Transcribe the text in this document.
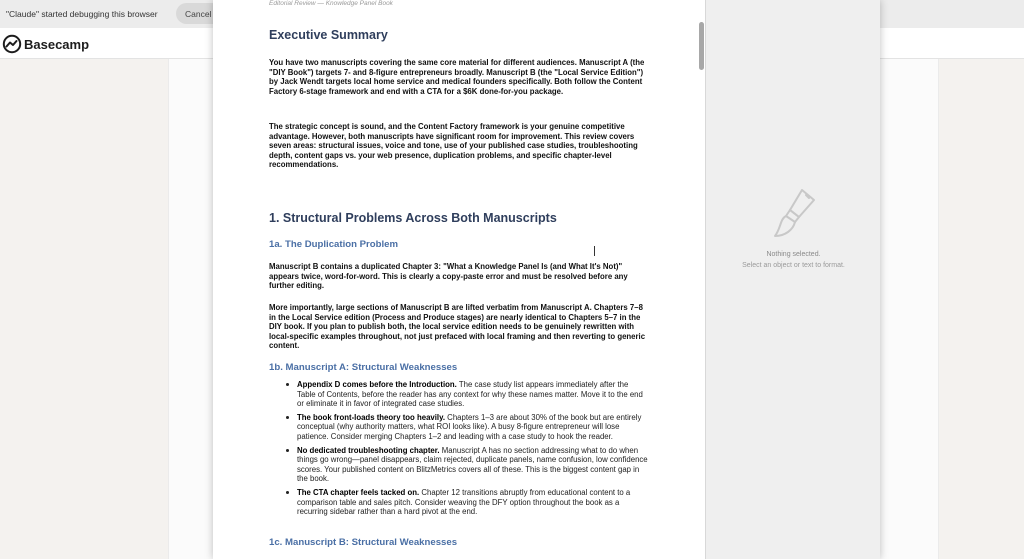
"Claude" started debugging this browser	Cancel
Basecamp
Editorial Review — Knowledge Panel Book
Executive Summary

You have two manuscripts covering the same core material for different audiences. Manuscript A (the "DIY Book") targets 7- and 8-figure entrepreneurs broadly. Manuscript B (the "Local Service Edition") by Jack Wendt targets local home service and medical founders specifically. Both follow the Content Factory 6-stage framework and end with a CTA for a $6K done-for-you package.

The strategic concept is sound, and the Content Factory framework is your genuine competitive advantage. However, both manuscripts have significant room for improvement. This review covers seven areas: structural issues, voice and tone, use of your published case studies, troubleshooting depth, content gaps vs. your web presence, duplication problems, and specific chapter-level recommendations.

1. Structural Problems Across Both Manuscripts
1a. The Duplication Problem

Manuscript B contains a duplicated Chapter 3: "What a Knowledge Panel Is (and What It's Not)" appears twice, word-for-word. This is clearly a copy-paste error and must be resolved before any further editing.

More importantly, large sections of Manuscript B are lifted verbatim from Manuscript A. Chapters 7–8 in the Local Service edition (Process and Produce stages) are nearly identical to Chapters 5–7 in the DIY book. If you plan to publish both, the local service edition needs to be genuinely rewritten with local-specific examples throughout, not just prefaced with local framing and then reverting to generic content.

1b. Manuscript A: Structural Weaknesses
Appendix D comes before the Introduction. The case study list appears immediately after the Table of Contents, before the reader has any context for why these names matter. Move it to the end or eliminate it in favor of integrated case studies.
The book front-loads theory too heavily. Chapters 1–3 are about 30% of the book but are entirely conceptual (why authority matters, what ROI looks like). A busy 8-figure entrepreneur will lose patience. Consider merging Chapters 1–2 and leading with a case study to hook the reader.
No dedicated troubleshooting chapter. Manuscript A has no section addressing what to do when things go wrong—panel disappears, claim rejected, duplicate panels, name confusion, low confidence scores. Your published content on BlitzMetrics covers all of these. This is the biggest content gap in the book.
The CTA chapter feels tacked on. Chapter 12 transitions abruptly from educational content to a comparison table and sales pitch. Consider weaving the DFY option throughout the book as a recurring sidebar rather than a hard pivot at the end.
1c. Manuscript B: Structural Weaknesses
Nothing selected.
Select an object or text to format.
